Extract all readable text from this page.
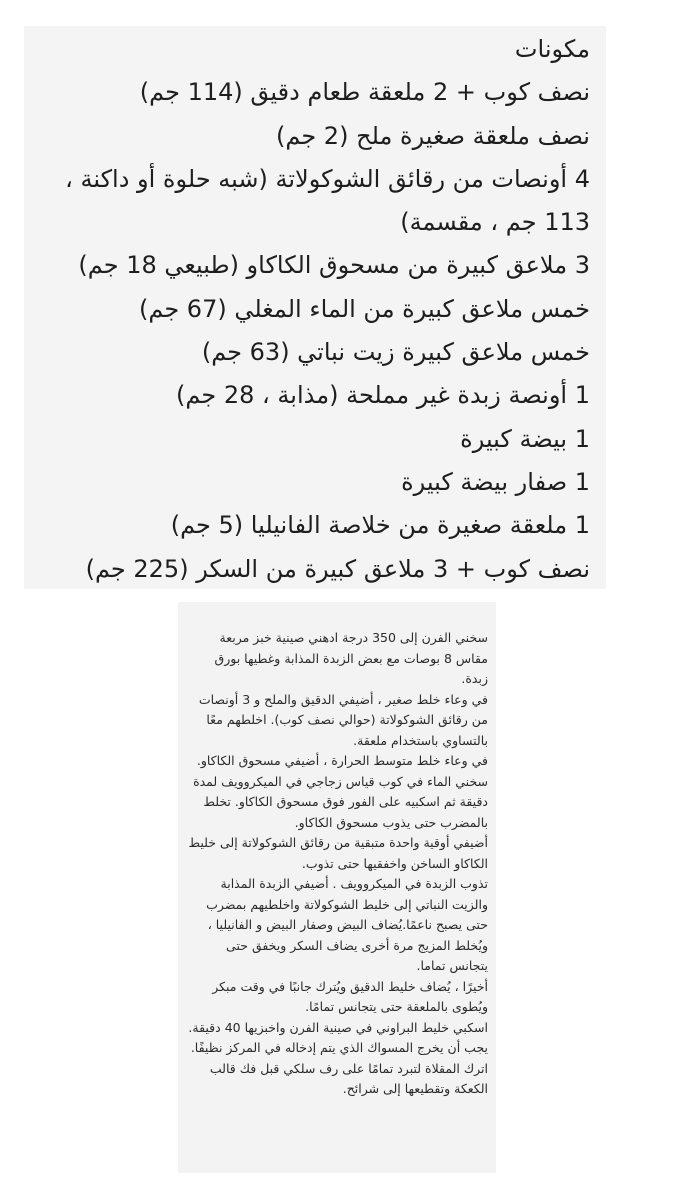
مكونات
نصف كوب + 2 ملعقة طعام دقيق (114 جم)
نصف ملعقة صغيرة ملح (2 جم)
4 أونصات من رقائق الشوكولاتة (شبه حلوة أو داكنة ، 113 جم ، مقسمة)
3 ملاعق كبيرة من مسحوق الكاكاو (طبيعي 18 جم)
خمس ملاعق كبيرة من الماء المغلي (67 جم)
خمس ملاعق كبيرة زيت نباتي (63 جم)
1 أونصة زبدة غير مملحة (مذابة ، 28 جم)
1 بيضة كبيرة
1 صفار بيضة كبيرة
1 ملعقة صغيرة من خلاصة الفانيليا (5 جم)
نصف كوب + 3 ملاعق كبيرة من السكر (225 جم)

سخني الفرن إلى 350 درجة ادهني صينية خبز مربعة مقاس 8 بوصات مع بعض الزبدة المذابة وغطيها بورق زبدة.

في وعاء خلط صغير ، أضيفي الدقيق والملح و 3 أونصات من رقائق الشوكولاتة (حوالي نصف كوب). اخلطهم معًا بالتساوي باستخدام ملعقة.

في وعاء خلط متوسط الحرارة ، أضيفي مسحوق الكاكاو. سخني الماء في كوب قياس زجاجي في الميكروويف لمدة دقيقة ثم اسكبيه على الفور فوق مسحوق الكاكاو. تخلط بالمضرب حتى يذوب مسحوق الكاكاو.

أضيفي أوقية واحدة متبقية من رقائق الشوكولاتة إلى خليط الكاكاو الساخن واخفقيها حتى تذوب.

تذوب الزبدة في الميكروويف . أضيفي الزبدة المذابة والزيت النباتي إلى خليط الشوكولاتة واخلطيهم بمضرب حتى يصبح ناعمًا.يُضاف البيض وصفار البيض و الفانيليا ، ويُخلط المزيج مرة أخرى يضاف السكر ويخفق حتى يتجانس تماما.

أخيرًا ، يُضاف خليط الدقيق ويُترك جانبًا في وقت مبكر ويُطوى بالملعقة حتى يتجانس تمامًا.

اسكبي خليط البراوني في صينية الفرن واخبزيها 40 دقيقة. يجب أن يخرج المسواك الذي يتم إدخاله في المركز نظيفًا. اترك المقلاة لتبرد تمامًا على رف سلكي قبل فك قالب الكعكة وتقطيعها إلى شرائح.
